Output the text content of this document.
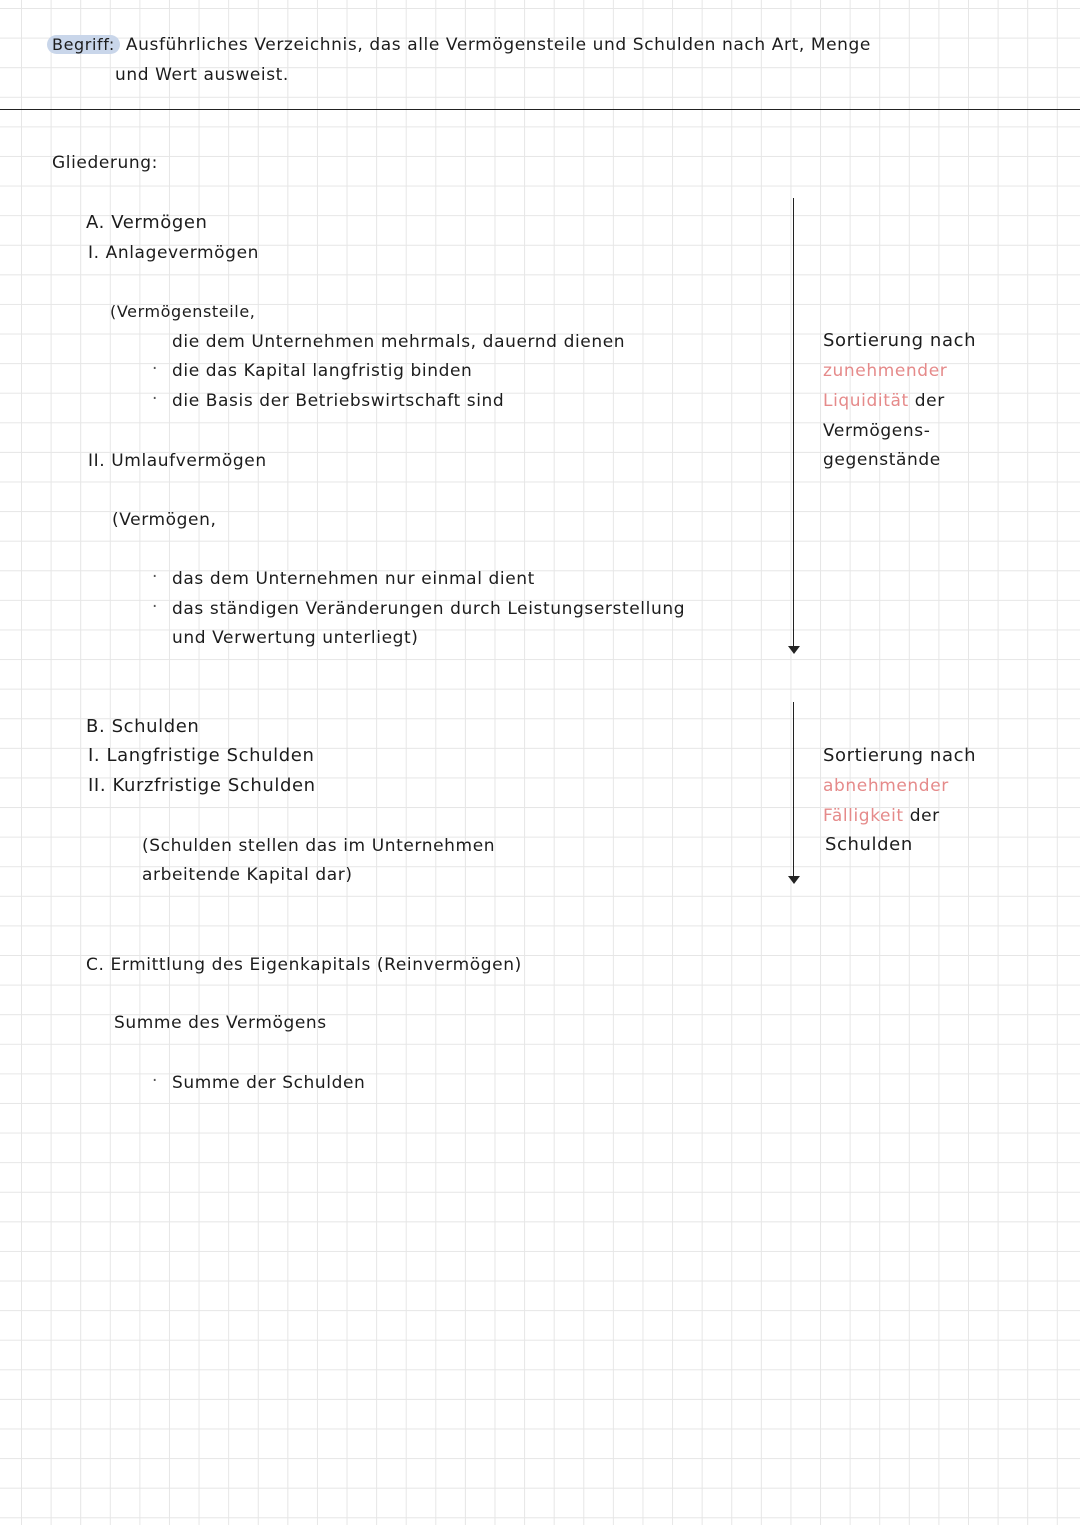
Begriff: Ausführliches Verzeichnis, das alle Vermögensteile und Schulden nach Art, Menge
und Wert ausweist.
Gliederung:
A. Vermögen
I. Anlagevermögen
(Vermögensteile,
die dem Unternehmen mehrmals, dauernd dienen
· die das Kapital langfristig binden
· die Basis der Betriebswirtschaft sind
II. Umlaufvermögen
(Vermögen,
· das dem Unternehmen nur einmal dient
· das ständigen Veränderungen durch Leistungserstellung
und Verwertung unterliegt)
Sortierung nach
zunehmender
Liquidität der
Vermögens-
gegenstände
B. Schulden
I. Langfristige Schulden
II. Kurzfristige Schulden
(Schulden stellen das im Unternehmen
arbeitende Kapital dar)
Sortierung nach
abnehmender
Fälligkeit der
Schulden
C. Ermittlung des Eigenkapitals (Reinvermögen)
Summe des Vermögens
· Summe der Schulden
